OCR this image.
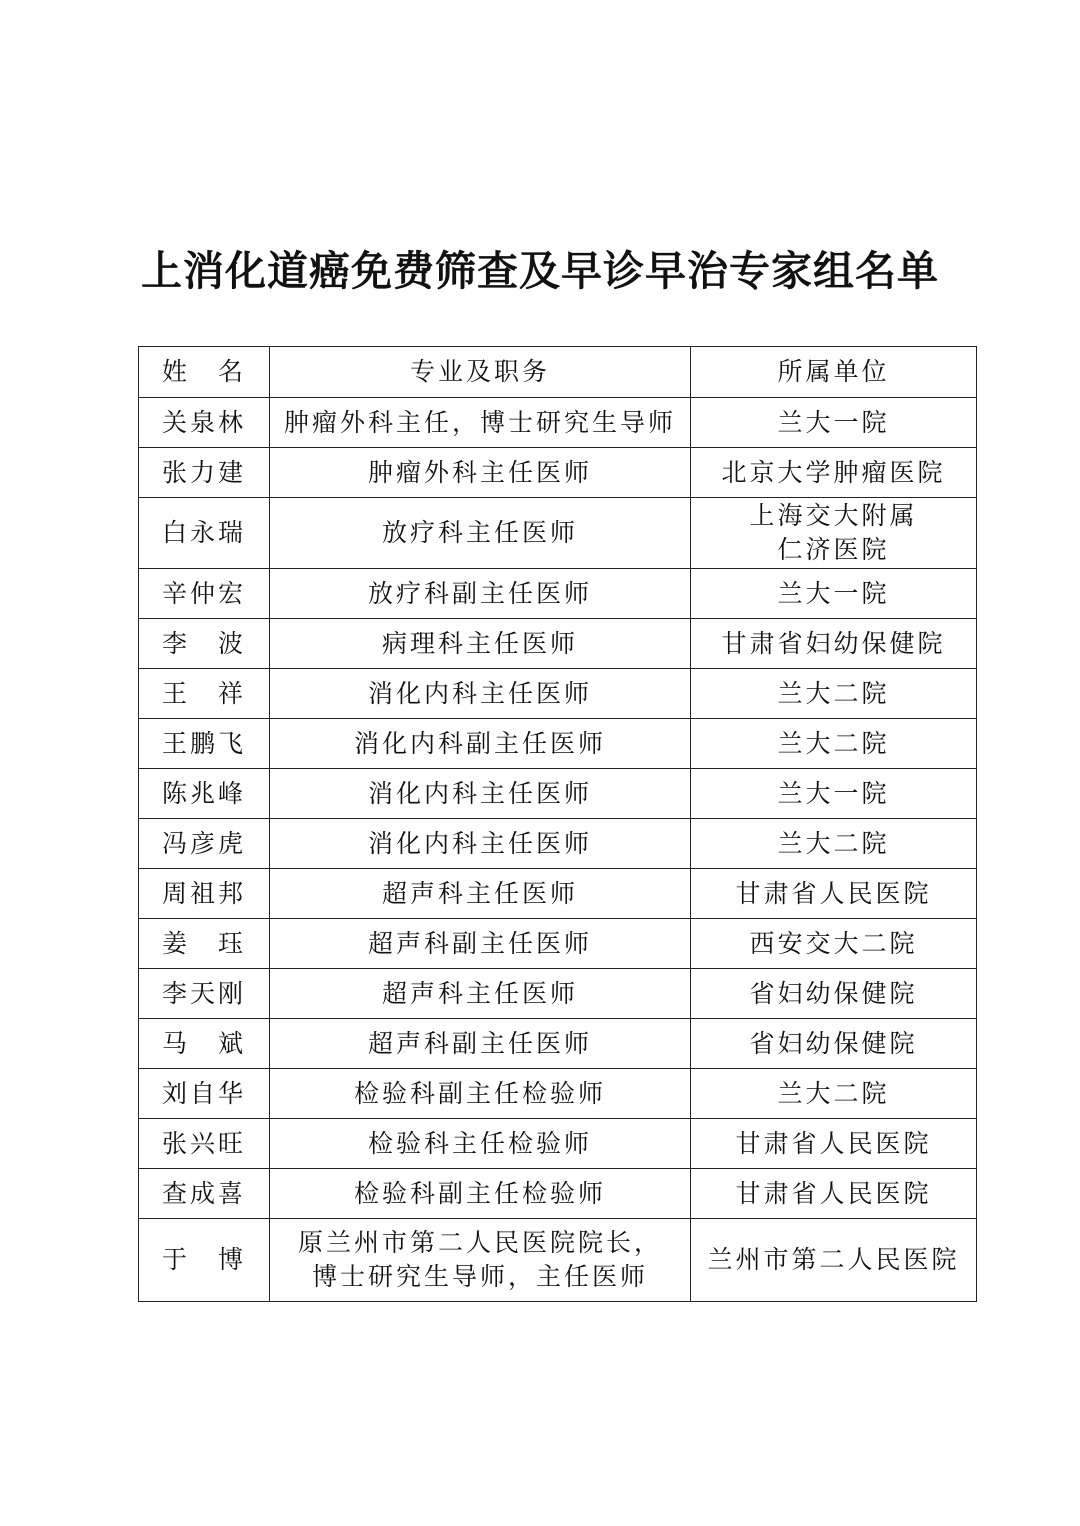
上消化道癌免费筛查及早诊早治专家组名单
姓　名	专业及职务	所属单位
关泉林	肿瘤外科主任，博士研究生导师	兰大一院

张力建	肿瘤外科主任医师	北京大学肿瘤医院

白永瑞	放疗科主任医师	上海交大附属
仁济医院

辛仲宏	放疗科副主任医师	兰大一院

李　波	病理科主任医师	甘肃省妇幼保健院

王　祥	消化内科主任医师	兰大二院

王鹏飞	消化内科副主任医师	兰大二院

陈兆峰	消化内科主任医师	兰大一院

冯彦虎	消化内科主任医师	兰大二院

周祖邦	超声科主任医师	甘肃省人民医院

姜　珏	超声科副主任医师	西安交大二院

李天刚	超声科主任医师	省妇幼保健院

马　斌	超声科副主任医师	省妇幼保健院

刘自华	检验科副主任检验师	兰大二院

张兴旺	检验科主任检验师	甘肃省人民医院

查成喜	检验科副主任检验师	甘肃省人民医院

于　博	原兰州市第二人民医院院长，
博士研究生导师，主任医师	兰州市第二人民医院
